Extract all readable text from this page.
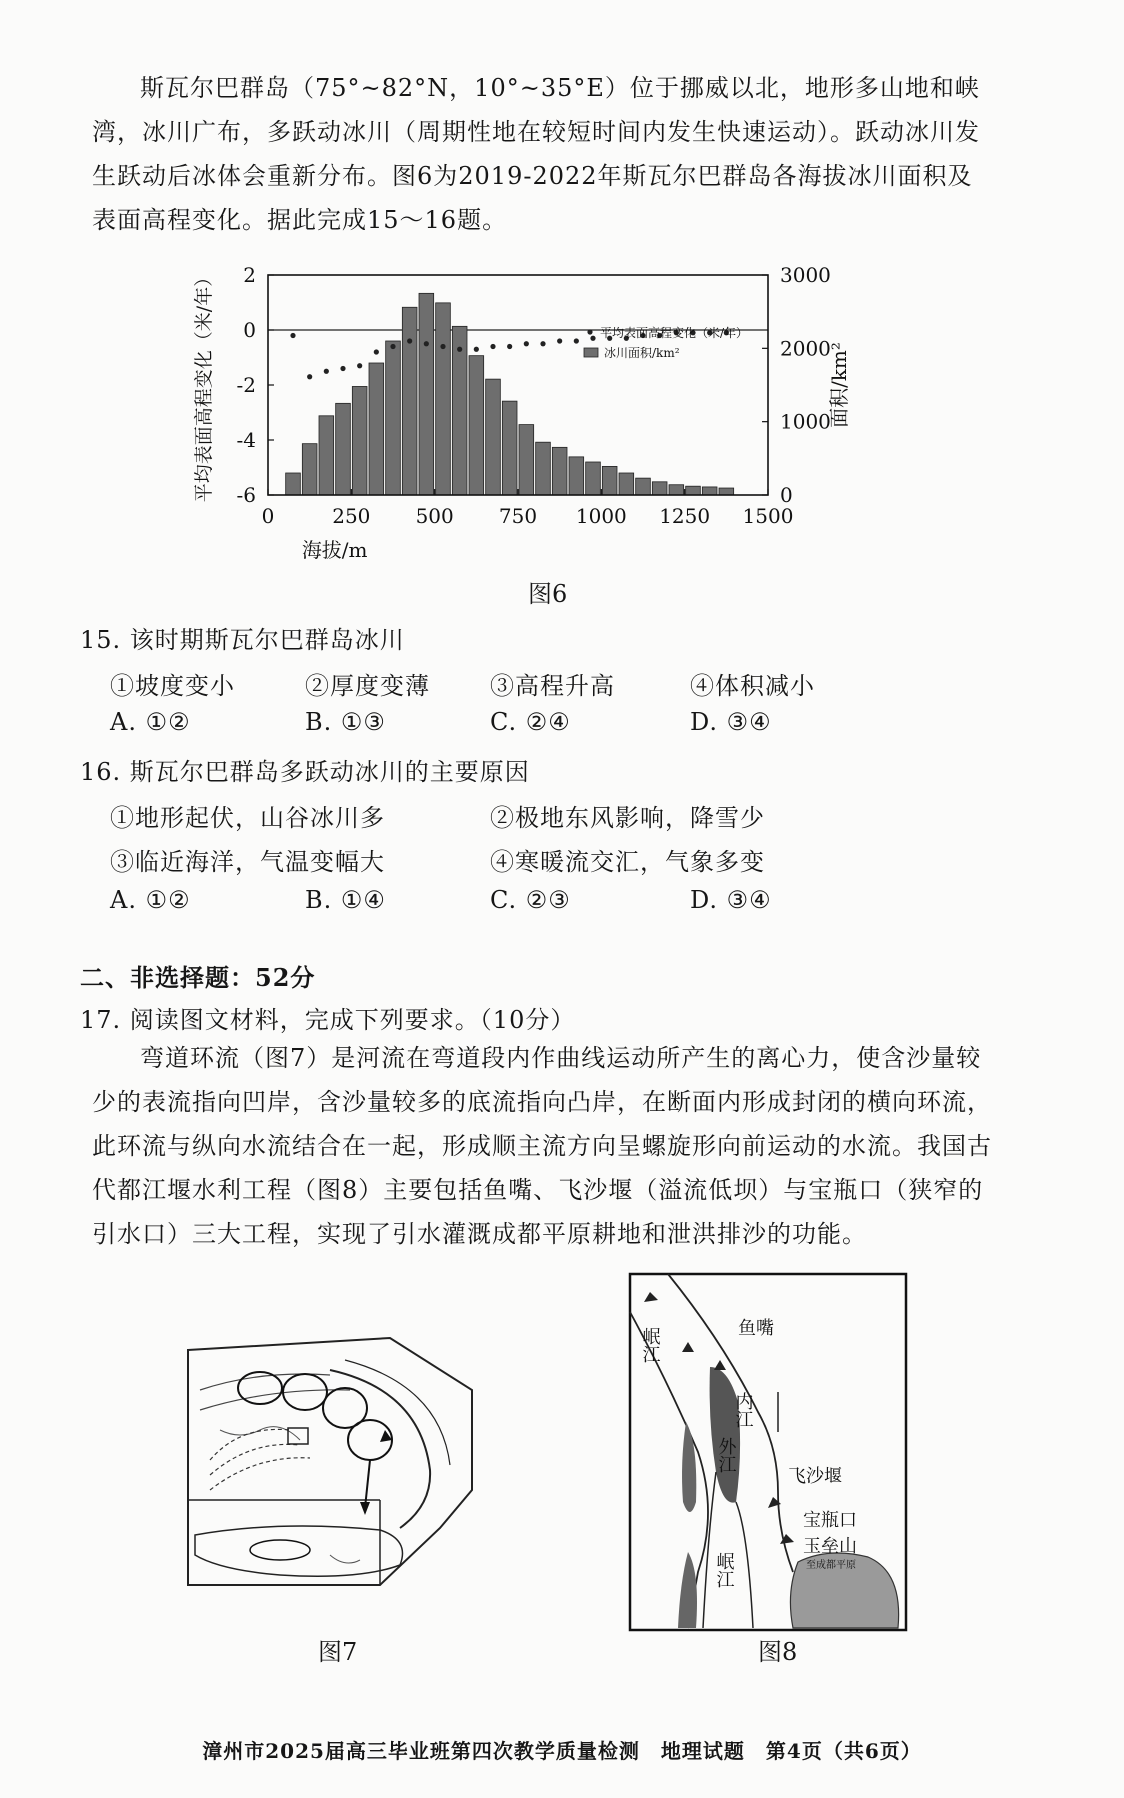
斯瓦尔巴群岛（75°~82°N，10°~35°E）位于挪威以北，地形多山地和峡湾，冰川广布，多跃动冰川（周期性地在较短时间内发生快速运动）。跃动冰川发生跃动后冰体会重新分布。图6为2019-2022年斯瓦尔巴群岛各海拔冰川面积及表面高程变化。据此完成15～16题。
2
0
-2
-4
-6
3000
2000
1000
0
0	250 500 750 1000 1250 1500
海拔/m
平均表面高程变化（米/年）	面积/km²
平均表面高程变化（米/年）
冰川面积/km²
图6
15. 该时期斯瓦尔巴群岛冰川
①坡度变小	②厚度变薄	③高程升高	④体积减小
A. ①②	B. ①③	C. ②④	D. ③④
16. 斯瓦尔巴群岛多跃动冰川的主要原因
①地形起伏，山谷冰川多	②极地东风影响，降雪少
③临近海洋，气温变幅大	④寒暖流交汇，气象多变
A. ①②	B. ①④	C. ②③	D. ③④
二、非选择题：52分
17. 阅读图文材料，完成下列要求。（10分）
弯道环流（图7）是河流在弯道段内作曲线运动所产生的离心力，使含沙量较少的表流指向凹岸，含沙量较多的底流指向凸岸，在断面内形成封闭的横向环流，此环流与纵向水流结合在一起，形成顺主流方向呈螺旋形向前运动的水流。我国古代都江堰水利工程（图8）主要包括鱼嘴、飞沙堰（溢流低坝）与宝瓶口（狭窄的引水口）三大工程，实现了引水灌溉成都平原耕地和泄洪排沙的功能。
图7
岷江	鱼嘴
内江
外江
飞沙堰
宝瓶口
玉垒山
至成都平原
岷江
图8
漳州市2025届高三毕业班第四次教学质量检测　地理试题　第4页（共6页）
